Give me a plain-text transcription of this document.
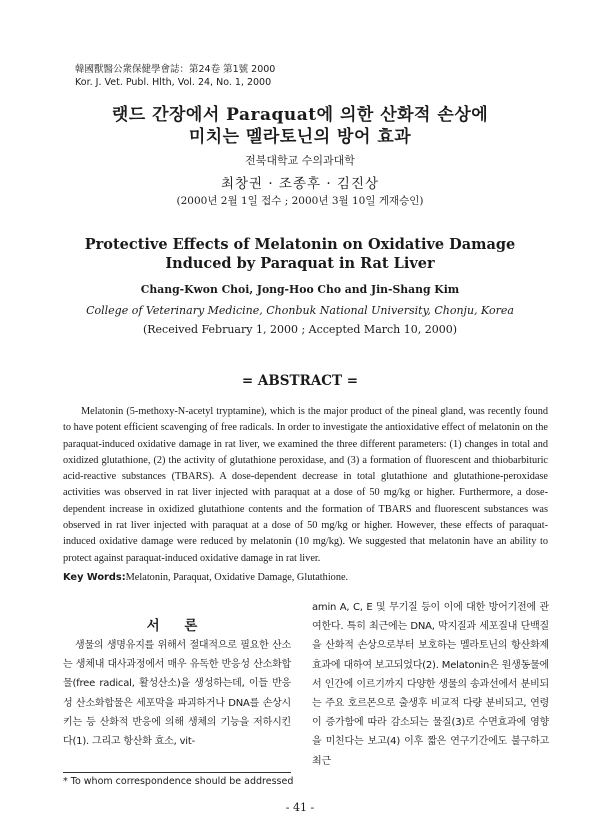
韓國獸醫公衆保健學會誌：第24卷 第1號 2000
Kor. J. Vet. Publ. Hlth, Vol. 24, No. 1, 2000
랫드 간장에서 Paraquat에 의한 산화적 손상에
미치는 멜라토닌의 방어 효과
전북대학교 수의과대학
최창권 · 조종후 · 김진상
(2000년 2월 1일 접수 ; 2000년 3월 10일 게재승인)
Protective Effects of Melatonin on Oxidative Damage
Induced by Paraquat in Rat Liver
Chang-Kwon Choi, Jong-Hoo Cho and Jin-Shang Kim
College of Veterinary Medicine, Chonbuk National University, Chonju, Korea
(Received February 1, 2000 ; Accepted March 10, 2000)
= ABSTRACT =

Melatonin (5-methoxy-N-acetyl tryptamine), which is the major product of the pineal gland, was recently found to have potent efficient scavenging of free radicals. In order to investigate the antioxidative effect of melatonin on the paraquat-induced oxidative damage in rat liver, we examined the three different parameters: (1) changes in total and oxidized glutathione, (2) the activity of glutathione peroxidase, and (3) a formation of fluorescent and thiobarbituric acid-reactive substances (TBARS). A dose-dependent decrease in total glutathione and glutathione-peroxidase activities was observed in rat liver injected with paraquat at a dose of 50 mg/kg or higher. Furthermore, a dose-dependent increase in oxidized glutathione contents and the formation of TBARS and fluorescent substances was observed in rat liver injected with paraquat at a dose of 50 mg/kg or higher. However, these effects of paraquat-induced oxidative damage were reduced by melatonin (10 mg/kg). We suggested that melatonin have an ability to protect against paraquat-induced oxidative damage in rat liver.

Key Words:Melatonin, Paraquat, Oxidative Damage, Glutathione.
서 론

생물의 생명유지를 위해서 절대적으로 필요한 산소는 생체내 대사과정에서 매우 유독한 반응성 산소화합물(free radical, 활성산소)을 생성하는데, 이들 반응성 산소화합물은 세포막을 파괴하거나 DNA를 손상시키는 등 산화적 반응에 의해 생체의 기능을 저하시킨다(1). 그리고 항산화 효소, vit-

amin A, C, E 및 무기질 등이 이에 대한 방어기전에 관여한다. 특히 최근에는 DNA, 막지질과 세포질내 단백질을 산화적 손상으로부터 보호하는 멜라토닌의 항산화제 효과에 대하여 보고되었다(2). Melatonin은 원생동물에서 인간에 이르기까지 다양한 생물의 송과선에서 분비되는 주요 호르몬으로 출생후 비교적 다량 분비되고, 연령이 증가함에 따라 감소되는 물질(3)로 수면효과에 영향을 미친다는 보고(4) 이후 짧은 연구기간에도 불구하고 최근

* To whom correspondence should be addressed
- 41 -
